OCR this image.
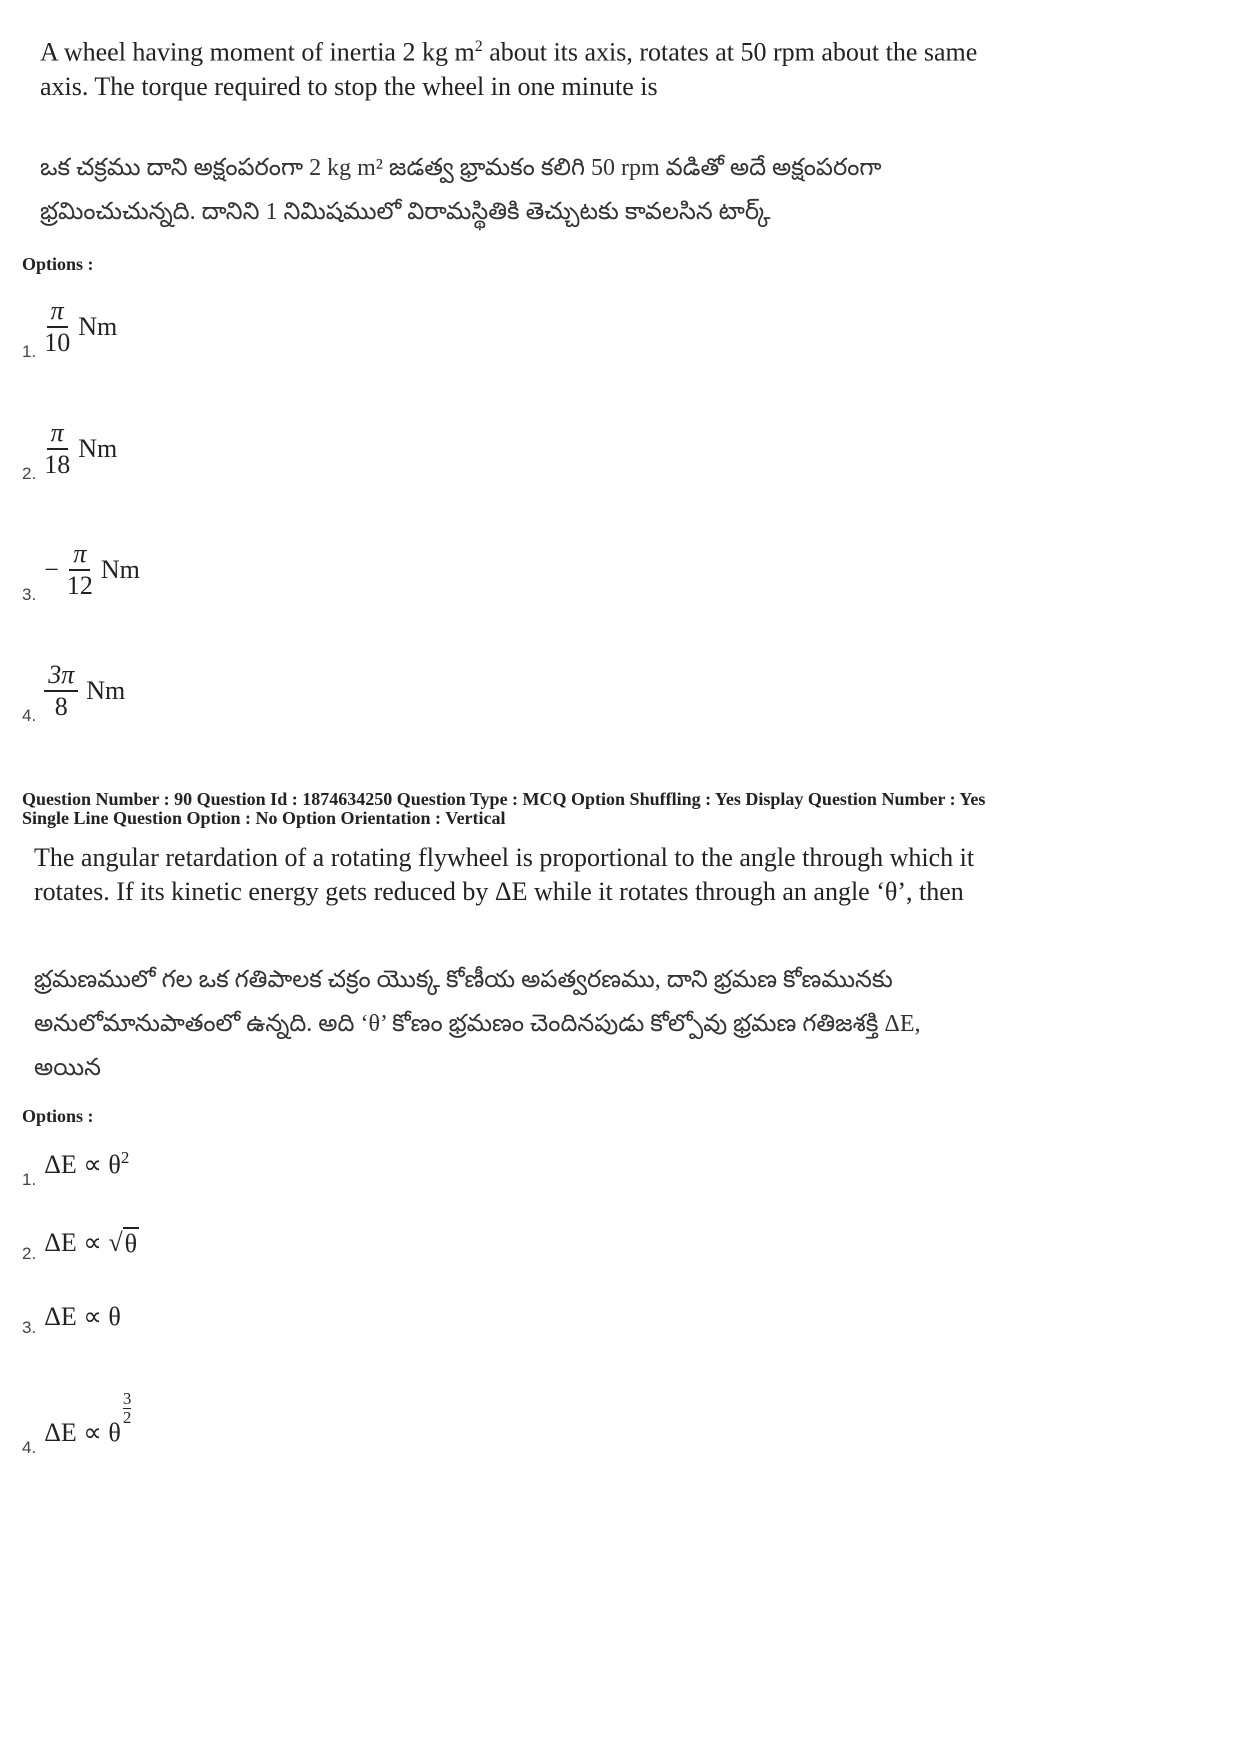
A wheel having moment of inertia 2 kg $m^2$ about its axis, rotates at 50 rpm about the same
axis. The torque required to stop the wheel in one minute is
ఒక చక్రము దాని అక్షంపరంగా 2 kg m² జడత్వ భ్రామకం కలిగి 50 rpm వడితో అదే అక్షంపరంగా
భ్రమించుచున్నది. దానిని 1 నిమిషములో విరామస్థితికి తెచ్చుటకు కావలసిన టార్క్
Options :
1. $\frac{\pi}{10}$ Nm
2. $\frac{\pi}{18}$ Nm
3.
− $\frac{\pi}{12}$ Nm
4. $\frac{3\pi}{8}$ Nm
Question Number : 90 Question Id : 1874634250 Question Type : MCQ Option Shuffling : Yes Display Question Number : Yes
Single Line Question Option : No Option Orientation : Vertical
The angular retardation of a rotating flywheel is proportional to the angle through which it
rotates. If its kinetic energy gets reduced by ΔE while it rotates through an angle ‘θ’, then
భ్రమణములో గల ఒక గతిపాలక చక్రం యొక్క కోణీయ అపత్వరణము, దాని భ్రమణ కోణమునకు
అనులోమానుపాతంలో ఉన్నది. అది ‘θ’ కోణం భ్రమణం చెందినపుడు కోల్పోవు భ్రమణ గతిజశక్తి ΔE,
అయిన
Options :
1.
$\Delta E \propto \theta^2$
2. ΔE ∝ √ θ
3. ΔE ∝ θ
4.
ΔE ∝ θ
$\frac{3}{2}$
